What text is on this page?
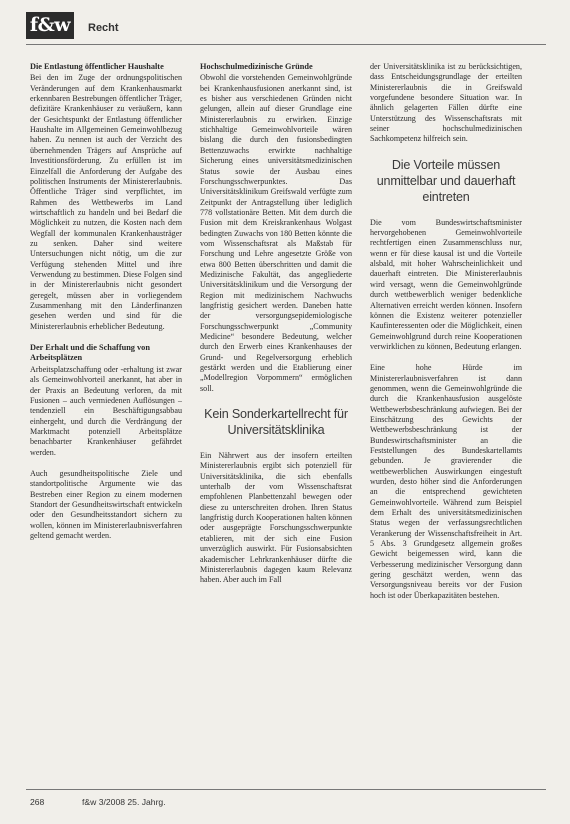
f&w	Recht
Die Entlastung öffentlicher Haushalte

Bei den im Zuge der ordnungspolitischen Veränderungen auf dem Krankenhausmarkt erkennbaren Bestrebungen öffentlicher Träger, defizitäre Krankenhäuser zu veräußern, kann der Gesichtspunkt der Entlastung öffentlicher Haushalte im Allgemeinen Gemeinwohlbezug haben. Zu nennen ist auch der Verzicht des übernehmenden Trägers auf Ansprüche auf Investitionsförderung. Zu erfüllen ist im Einzelfall die Anforderung der Aufgabe des politischen Instruments der Ministererlaubnis. Öffentliche Träger sind verpflichtet, im Rahmen des Wettbewerbs im Land wirtschaftlich zu handeln und bei Bedarf die Möglichkeit zu nutzen, die Kosten nach dem Wegfall der kommunalen Krankenhausträger zu senken. Daher sind weitere Untersuchungen nicht nötig, um die zur Verfügung stehenden Mittel und ihre Verwendung zu bestimmen. Diese Folgen sind in der Ministererlaubnis nicht gesondert geregelt, müssen aber in vorliegendem Zusammenhang mit den Länderfinanzen gesehen werden und sind für die Ministererlaubnis erheblicher Bedeutung.

Der Erhalt und die Schaffung von Arbeitsplätzen

Arbeitsplatzschaffung oder -erhaltung ist zwar als Gemeinwohlvorteil anerkannt, hat aber in der Praxis an Bedeutung verloren, da mit Fusionen – auch vermiedenen Auflösungen – tendenziell ein Beschäftigungsabbau einhergeht, und durch die Verdrängung der Marktmacht potenziell Arbeitsplätze benachbarter Krankenhäuser gefährdet werden.

Auch gesundheitspolitische Ziele und standortpolitische Argumente wie das Bestreben einer Region zu einem modernen Standort der Gesundheitswirtschaft entwickeln oder den Gesundheitsstandort sichern zu wollen, können im Ministererlaubnisverfahren geltend gemacht werden.

Hochschulmedizinische Gründe

Obwohl die vorstehenden Gemeinwohlgründe bei Krankenhausfusionen anerkannt sind, ist es bisher aus verschiedenen Gründen nicht gelungen, allein auf dieser Grundlage eine Ministererlaubnis zu erwirken. Einzige stichhaltige Gemeinwohlvorteile wären bislang die durch den fusionsbedingten Bettenzuwachs erwirkte nachhaltige Sicherung eines universitätsmedizinischen Status sowie der Ausbau eines Forschungsschwerpunktes. Das Universitätsklinikum Greifswald verfügte zum Zeitpunkt der Antragstellung über lediglich 778 vollstationäre Betten. Mit dem durch die Fusion mit dem Kreiskrankenhaus Wolgast bedingten Zuwachs von 180 Betten könnte die vom Wissenschaftsrat als Maßstab für Forschung und Lehre angesetzte Größe von etwa 800 Betten überschritten und damit die Medizinische Fakultät, das angegliederte Universitätsklinikum und die Versorgung der Region mit medizinischem Nachwuchs langfristig gesichert werden. Daneben hatte der versorgungsepidemiologische Forschungsschwerpunkt „Community Medicine“ besondere Bedeutung, welcher durch den Erwerb eines Krankenhauses der Grund- und Regelversorgung erheblich gestärkt werden und die Etablierung einer „Modellregion Vorpommern“ ermöglichen soll.

Kein Sonderkartellrecht für Universitätsklinika

Ein Nährwert aus der insofern erteilten Ministererlaubnis ergibt sich potenziell für Universitätsklinika, die sich ebenfalls unterhalb der vom Wissenschaftsrat empfohlenen Planbettenzahl bewegen oder diese zu unterschreiten drohen. Ihren Status langfristig durch Kooperationen halten können oder ausgeprägte Forschungsschwerpunkte etablieren, mit der sich eine Fusion unverzüglich auswirkt. Für Fusionsabsichten akademischer Lehrkrankenhäuser dürfte die Ministererlaubnis dagegen kaum Relevanz haben. Aber auch im Fall

der Universitätsklinika ist zu berücksichtigen, dass Entscheidungsgrundlage der erteilten Ministererlaubnis die in Greifswald vorgefundene besondere Situation war. In ähnlich gelagerten Fällen dürfte eine Unterstützung des Wissenschaftsrats mit seiner hochschulmedizinischen Sachkompetenz hilfreich sein.

Die Vorteile müssen unmittelbar und dauerhaft eintreten

Die vom Bundeswirtschaftsminister hervorgehobenen Gemeinwohlvorteile rechtfertigen einen Zusammenschluss nur, wenn er für diese kausal ist und die Vorteile alsbald, mit hoher Wahrscheinlichkeit und dauerhaft eintreten. Die Ministererlaubnis wird versagt, wenn die Gemeinwohlgründe durch wettbewerblich weniger bedenkliche Alternativen erreicht werden können. Insofern können die Existenz weiterer potenzieller Kaufinteressenten oder die Möglichkeit, einen Gemeinwohlgrund durch reine Kooperationen verwirklichen zu können, Bedeutung erlangen.

Eine hohe Hürde im Ministererlaubnisverfahren ist dann genommen, wenn die Gemeinwohlgründe die durch die Krankenhausfusion ausgelöste Wettbewerbsbeschränkung aufwiegen. Bei der Einschätzung des Gewichts der Wettbewerbsbeschränkung ist der Bundeswirtschaftsminister an die Feststellungen des Bundeskartellamts gebunden. Je gravierender die wettbewerblichen Auswirkungen eingestuft wurden, desto höher sind die Anforderungen an die entsprechend gewichteten Gemeinwohlvorteile. Während zum Beispiel dem Erhalt des universitätsmedizinischen Status wegen der verfassungsrechtlichen Verankerung der Wissenschaftsfreiheit in Art. 5 Abs. 3 Grundgesetz allgemein großes Gewicht beigemessen wird, kann die Verbesserung medizinischer Versorgung dann gering geschätzt werden, wenn das Versorgungsniveau bereits vor der Fusion hoch ist oder Überkapazitäten bestehen.

268	f&w 3/2008 25. Jahrg.
